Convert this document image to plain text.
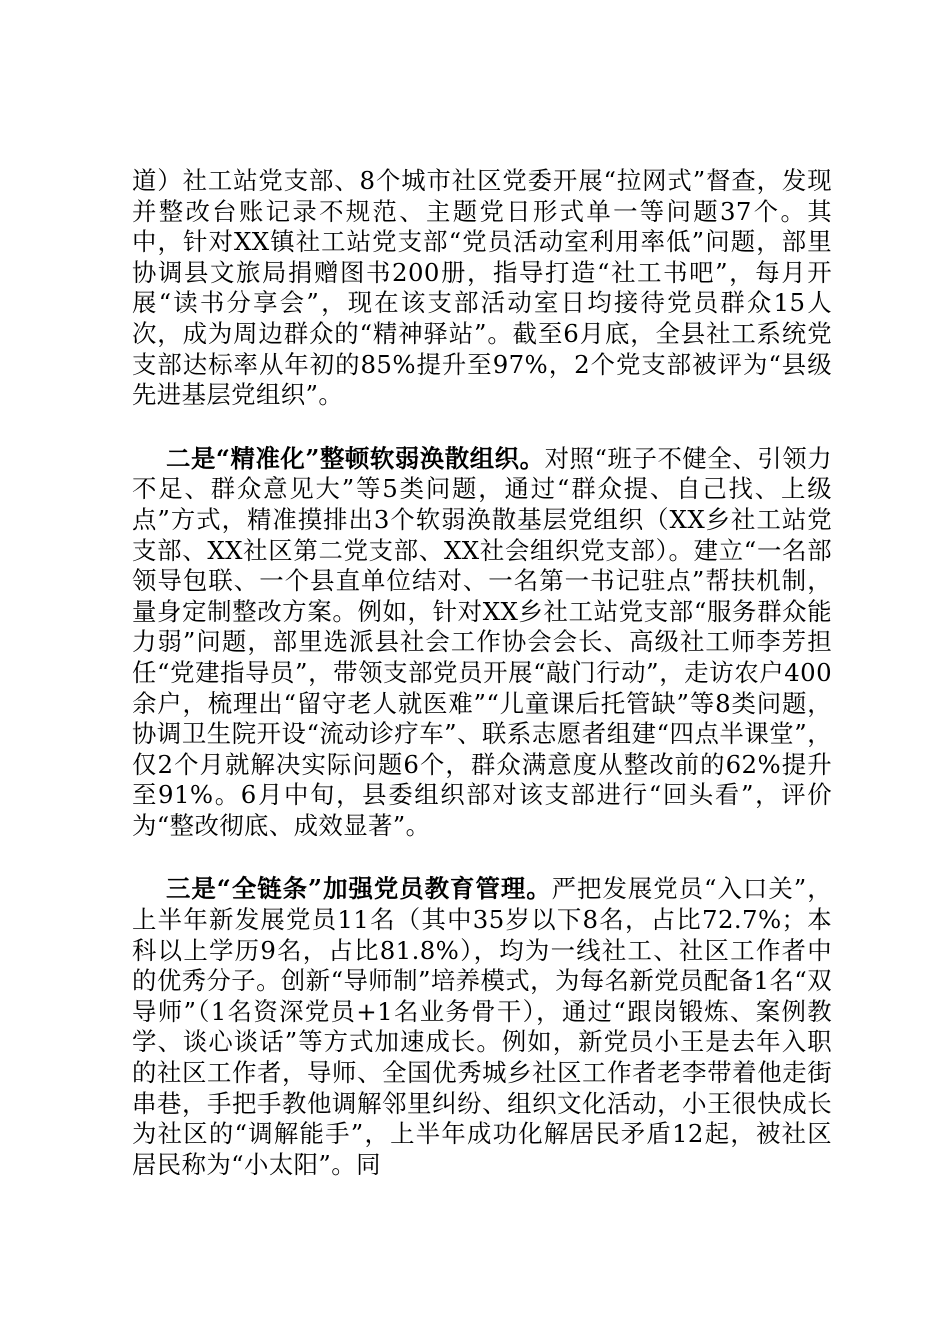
道）社工站党支部、8个城市社区党委开展“拉网式”督查，发现并整改台账记录不规范、主题党日形式单一等问题37个。其中，针对XX镇社工站党支部“党员活动室利用率低”问题，部里协调县文旅局捐赠图书200册，指导打造“社工书吧”，每月开展“读书分享会”，现在该支部活动室日均接待党员群众15人次，成为周边群众的“精神驿站”。截至6月底，全县社工系统党支部达标率从年初的85%提升至97%，2个党支部被评为“县级先进基层党组织”。

二是“精准化”整顿软弱涣散组织。对照“班子不健全、引领力不足、群众意见大”等5类问题，通过“群众提、自己找、上级点”方式，精准摸排出3个软弱涣散基层党组织（XX乡社工站党支部、XX社区第二党支部、XX社会组织党支部）。建立“一名部领导包联、一个县直单位结对、一名第一书记驻点”帮扶机制，量身定制整改方案。例如，针对XX乡社工站党支部“服务群众能力弱”问题，部里选派县社会工作协会会长、高级社工师李芳担任“党建指导员”，带领支部党员开展“敲门行动”，走访农户400余户，梳理出“留守老人就医难”“儿童课后托管缺”等8类问题，协调卫生院开设“流动诊疗车”、联系志愿者组建“四点半课堂”，仅2个月就解决实际问题6个，群众满意度从整改前的62%提升至91%。6月中旬，县委组织部对该支部进行“回头看”，评价为“整改彻底、成效显著”。

三是“全链条”加强党员教育管理。严把发展党员“入口关”，上半年新发展党员11名（其中35岁以下8名，占比72.7%；本科以上学历9名，占比81.8%），均为一线社工、社区工作者中的优秀分子。创新“导师制”培养模式，为每名新党员配备1名“双导师”（1名资深党员+1名业务骨干），通过“跟岗锻炼、案例教学、谈心谈话”等方式加速成长。例如，新党员小王是去年入职的社区工作者，导师、全国优秀城乡社区工作者老李带着他走街串巷，手把手教他调解邻里纠纷、组织文化活动，小王很快成长为社区的“调解能手”，上半年成功化解居民矛盾12起，被社区居民称为“小太阳”。同
